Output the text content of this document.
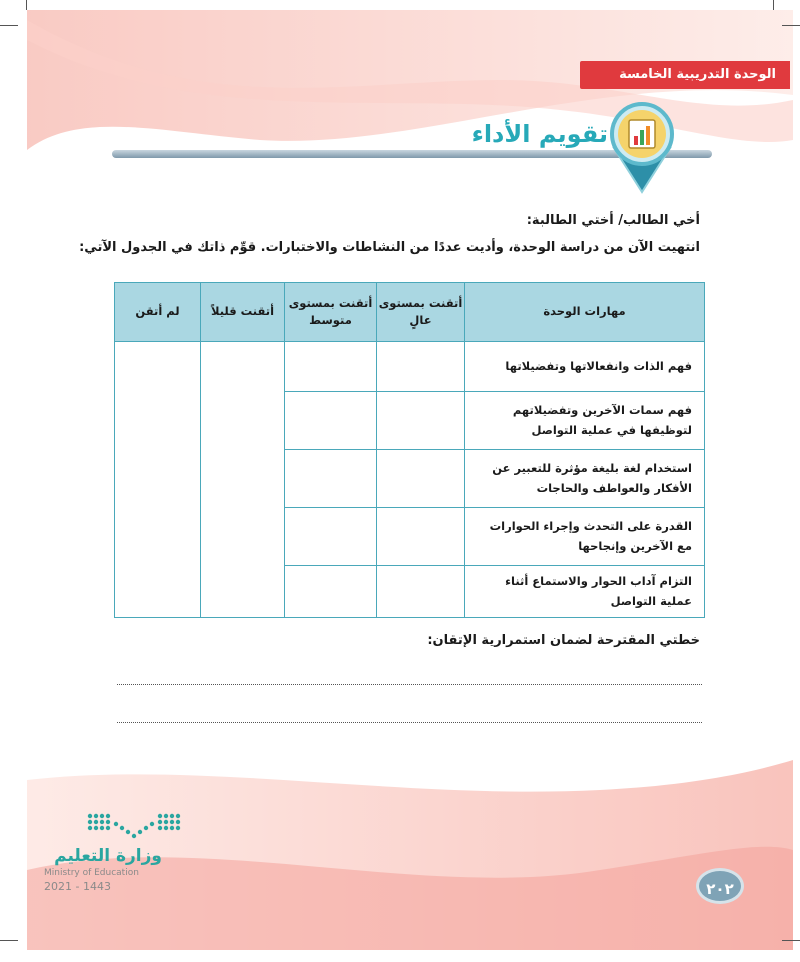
الوحدة التدريبية الخامسة
تقويم الأداء
أخي الطالب/ أختي الطالبة:
انتهيت الآن من دراسة الوحدة، وأديت عددًا من النشاطات والاختبارات. قوِّم ذاتك في الجدول الآتي:
مهارات الوحدة	أتقنت بمستوى عالٍ	أتقنت بمستوى متوسط	أتقنت قليلاً	لم أتقن
فهم الذات وانفعالاتها وتفضيلاتها				
فهم سمات الآخرين وتفضيلاتهم لتوظيفها في عملية التواصل				
استخدام لغة بليغة مؤثرة للتعبير عن الأفكار والعواطف والحاجات				
القدرة على التحدث وإجراء الحوارات مع الآخرين وإنجاحها				
التزام آداب الحوار والاستماع أثناء عملية التواصل				
خطتي المقترحة لضمان استمرارية الإتقان:
وزارة التعليم
Ministry of Education
2021 - 1443	٢٠٢
